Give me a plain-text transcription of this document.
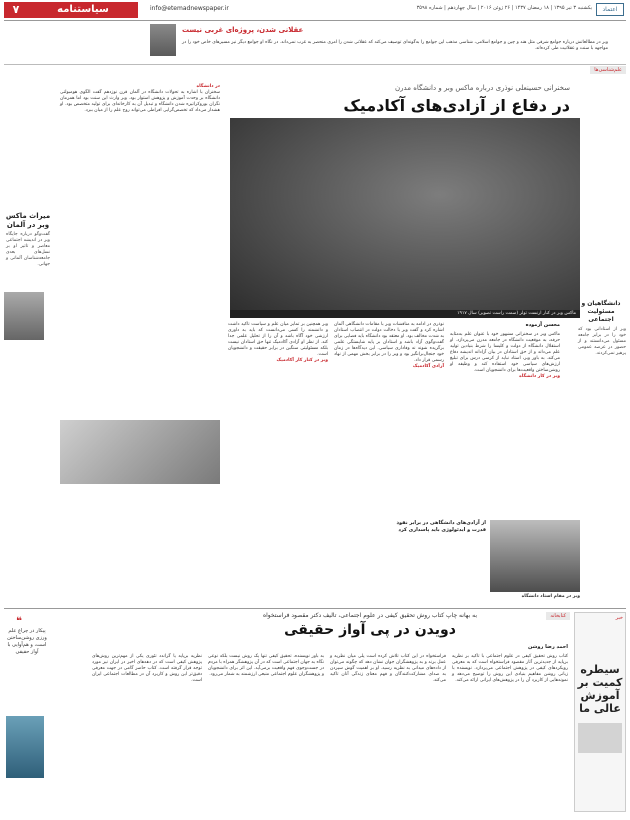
۷	سیاستنامه	info@etemadnewspaper.ir	یکشنبه ۳ تیر ۱۳۹۵ | ۱۸ رمضان ۱۴۳۷ | ۲۶ ژوئن ۲۰۱۶ | سال چهاردهم | شماره ۳۵۹۸	اعتماد
عقلانی شدن، پروژه‌ای غربی نیست
وبر در مطالعاتش درباره جوامع شرقی مثل هند و چین و جوامع اسلامی، شناسی مذهب این جوامع را به‌گونه‌ای توصیف می‌کند که عقلانی شدن را امری منحصر به غرب نمی‌داند. در نگاه او جوامع دیگر نیز مسیرهای خاص خود را در مواجهه با سنت و عقلانیت طی کرده‌اند.
علم‌شناسی‌ها
سخنرانی حسینعلی نوذری درباره ماکس وبر و دانشگاه مدرن
در دفاع از آزادی‌های آکادمیک
ماکس وبر در کنار ارنست تولر (سمت راست تصویر) سال ۱۹۱۷
محسن آزموده
ماکس وبر در سخنرانی مشهور خود با عنوان علم به‌مثابه حرفه، به موقعیت دانشگاه در جامعه مدرن می‌پردازد. او استقلال دانشگاه از دولت و کلیسا را شرط بنیادین تولید علم می‌داند و از حق استادان در بیان آزادانه اندیشه دفاع می‌کند. به باور وبر، استاد نباید از کرسی درس برای تبلیغ ارزش‌های سیاسی خود استفاده کند و وظیفه او روشن‌ساختن واقعیت‌ها برای دانشجویان است.
وبر در کار دانشگاه
نوذری در ادامه به مناقشات وبر با مقامات دانشگاهی آلمان اشاره کرد و گفت وبر با دخالت دولت در انتصاب استادان به شدت مخالف بود. او معتقد بود دانشگاه باید فضایی برای گفت‌وگوی آزاد باشد و استادان بر پایه شایستگی علمی برگزیده شوند نه وفاداری سیاسی. این دیدگاه‌ها در زمان خود جنجال‌برانگیز بود و وبر را در برابر بخش مهمی از نهاد رسمی قرار داد.
آزادی آکادمیک
وبر همچنین بر تمایز میان علم و سیاست تاکید داشت و دانشمند را کسی می‌دانست که باید به داوری ارزشی خود آگاه باشد و آن را از تحلیل علمی جدا کند. از نظر او آزادی آکادمیک تنها حق استادان نیست بلکه مسئولیتی سنگین در برابر حقیقت و دانشجویان است.
وبر در کنار کار آکادمیک
از آزادی‌های دانشگاهی در برابر نفوذ قدرت و ایدئولوژی باید پاسداری کرد
وبر در مقام استاد دانشگاه
در دانشگاه
سخنران با اشاره به تحولات دانشگاه در آلمان قرن نوزدهم گفت الگوی هومبولتی دانشگاه بر وحدت آموزش و پژوهش استوار بود. وبر وارث این سنت بود اما همزمان نگران بوروکراتیزه شدن دانشگاه و تبدیل آن به کارخانه‌ای برای تولید متخصص بود. او هشدار می‌داد که تخصص‌گرایی افراطی می‌تواند روح علم را از میان ببرد.
میراث ماکس وبر در آلمان
گفت‌وگو درباره جایگاه وبر در اندیشه اجتماعی معاصر و تاثیر او بر نسل‌های بعدی جامعه‌شناسان آلمانی و جهانی.
دانشگاهیان و مسئولیت اجتماعی
وبر از استادانی بود که خود را در برابر جامعه مسئول می‌دانستند و از حضور در عرصه عمومی پرهیز نمی‌کردند.
کتابخانه
به بهانه چاپ کتاب روش تحقیق کیفی در علوم اجتماعی، تالیف دکتر مقصود فراستخواه
دویدن در پی آواز حقیقی
احمد رضا روشن
کتاب روش تحقیق کیفی در علوم اجتماعی با تاکید بر نظریه برپایه از جدیدترین آثار مقصود فراستخواه است که به معرفی رویکردهای کیفی در پژوهش اجتماعی می‌پردازد. نویسنده با زبانی روشن مفاهیم بنیادی این روش را توضیح می‌دهد و نمونه‌هایی از کاربرد آن را در پژوهش‌های ایرانی ارائه می‌کند.
فراستخواه در این کتاب تلاش کرده است پلی میان نظریه و عمل بزند و به پژوهشگران جوان نشان دهد که چگونه می‌توان از داده‌های میدانی به نظریه رسید. او بر اهمیت گوش سپردن به صدای مشارکت‌کنندگان و فهم معنای زندگی آنان تاکید می‌کند.
به باور نویسنده، تحقیق کیفی تنها یک روش نیست بلکه نوعی نگاه به جهان اجتماعی است که در آن پژوهشگر همراه با مردم در جست‌وجوی فهم واقعیت برمی‌آید. این اثر برای دانشجویان و پژوهشگران علوم اجتماعی منبعی ارزشمند به شمار می‌رود.
نظریه برپایه یا گراندد تئوری یکی از مهم‌ترین روش‌های پژوهش کیفی است که در دهه‌های اخیر در ایران نیز مورد توجه قرار گرفته است. کتاب حاضر گامی در جهت معرفی دقیق‌تر این روش و کاربرد آن در مطالعات اجتماعی ایران است.
❝
پیکار در چراغ علم ورزی روشن‌ساختن است، و هم‌آوایی با آواز حقیقی
خبر
سیطره کمیت بر آموزش عالی ما
